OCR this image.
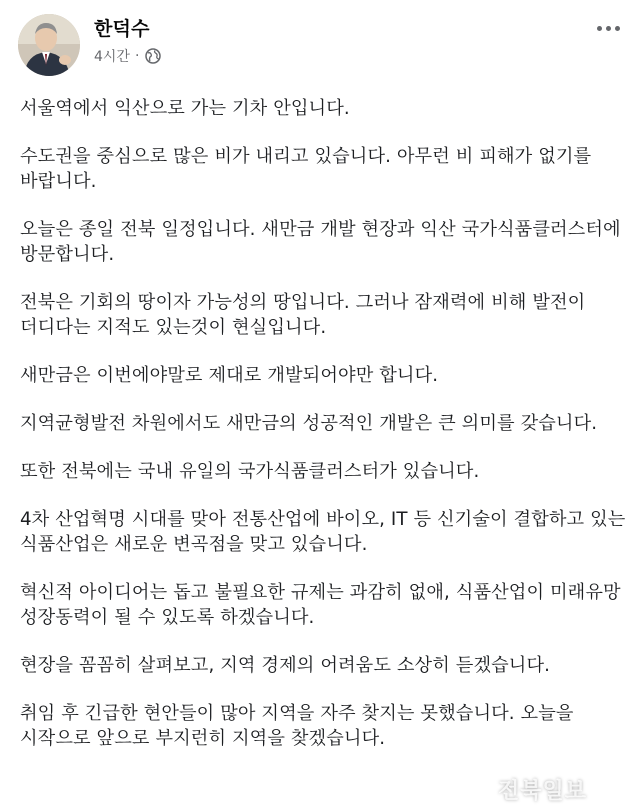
한덕수
4시간 ·

서울역에서 익산으로 가는 기차 안입니다.

수도권을 중심으로 많은 비가 내리고 있습니다. 아무런 비 피해가 없기를
바랍니다.

오늘은 종일 전북 일정입니다. 새만금 개발 현장과 익산 국가식품클러스터에
방문합니다.

전북은 기회의 땅이자 가능성의 땅입니다. 그러나 잠재력에 비해 발전이
더디다는 지적도 있는것이 현실입니다.

새만금은 이번에야말로 제대로 개발되어야만 합니다.

지역균형발전 차원에서도 새만금의 성공적인 개발은 큰 의미를 갖습니다.

또한 전북에는 국내 유일의 국가식품클러스터가 있습니다.

4차 산업혁명 시대를 맞아 전통산업에 바이오, IT 등 신기술이 결합하고 있는
식품산업은 새로운 변곡점을 맞고 있습니다.

혁신적 아이디어는 돕고 불필요한 규제는 과감히 없애, 식품산업이 미래유망
성장동력이 될 수 있도록 하겠습니다.

현장을 꼼꼼히 살펴보고, 지역 경제의 어려움도 소상히 듣겠습니다.

취임 후 긴급한 현안들이 많아 지역을 자주 찾지는 못했습니다. 오늘을
시작으로 앞으로 부지런히 지역을 찾겠습니다.

전북일보
